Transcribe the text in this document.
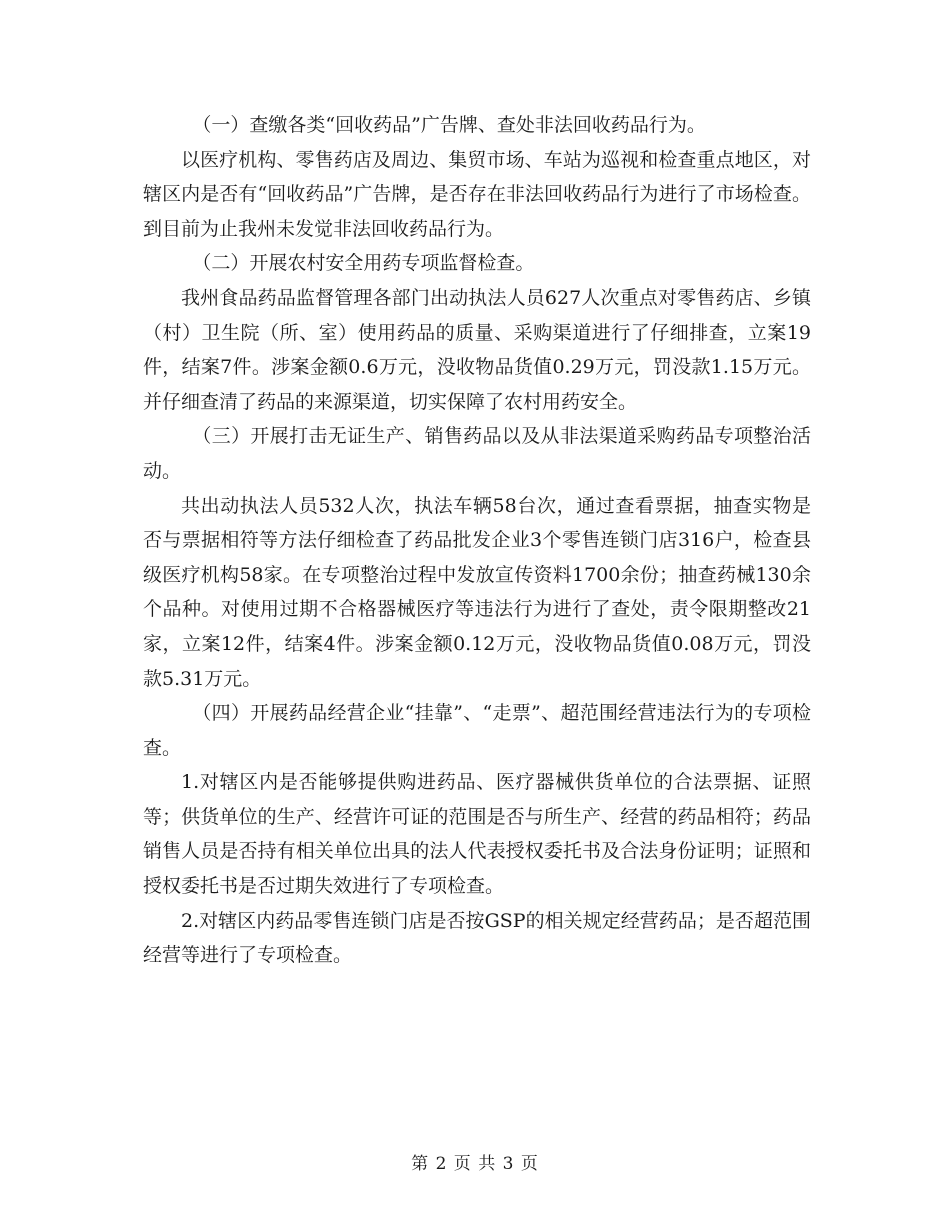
（一）查缴各类“回收药品”广告牌、查处非法回收药品行为。

以医疗机构、零售药店及周边、集贸市场、车站为巡视和检查重点地区，对辖区内是否有“回收药品”广告牌，是否存在非法回收药品行为进行了市场检查。到目前为止我州未发觉非法回收药品行为。

（二）开展农村安全用药专项监督检查。

我州食品药品监督管理各部门出动执法人员627人次重点对零售药店、乡镇（村）卫生院（所、室）使用药品的质量、采购渠道进行了仔细排查，立案19件，结案7件。涉案金额0.6万元，没收物品货值0.29万元，罚没款1.15万元。并仔细查清了药品的来源渠道，切实保障了农村用药安全。

（三）开展打击无证生产、销售药品以及从非法渠道采购药品专项整治活动。

共出动执法人员532人次，执法车辆58台次，通过查看票据，抽查实物是否与票据相符等方法仔细检查了药品批发企业3个零售连锁门店316户，检查县级医疗机构58家。在专项整治过程中发放宣传资料1700余份；抽查药械130余个品种。对使用过期不合格器械医疗等违法行为进行了查处，责令限期整改21家，立案12件，结案4件。涉案金额0.12万元，没收物品货值0.08万元，罚没款5.31万元。

（四）开展药品经营企业“挂靠”、“走票”、超范围经营违法行为的专项检查。

1.对辖区内是否能够提供购进药品、医疗器械供货单位的合法票据、证照等；供货单位的生产、经营许可证的范围是否与所生产、经营的药品相符；药品销售人员是否持有相关单位出具的法人代表授权委托书及合法身份证明；证照和授权委托书是否过期失效进行了专项检查。

2.对辖区内药品零售连锁门店是否按GSP的相关规定经营药品；是否超范围经营等进行了专项检查。

第 2 页 共 3 页
